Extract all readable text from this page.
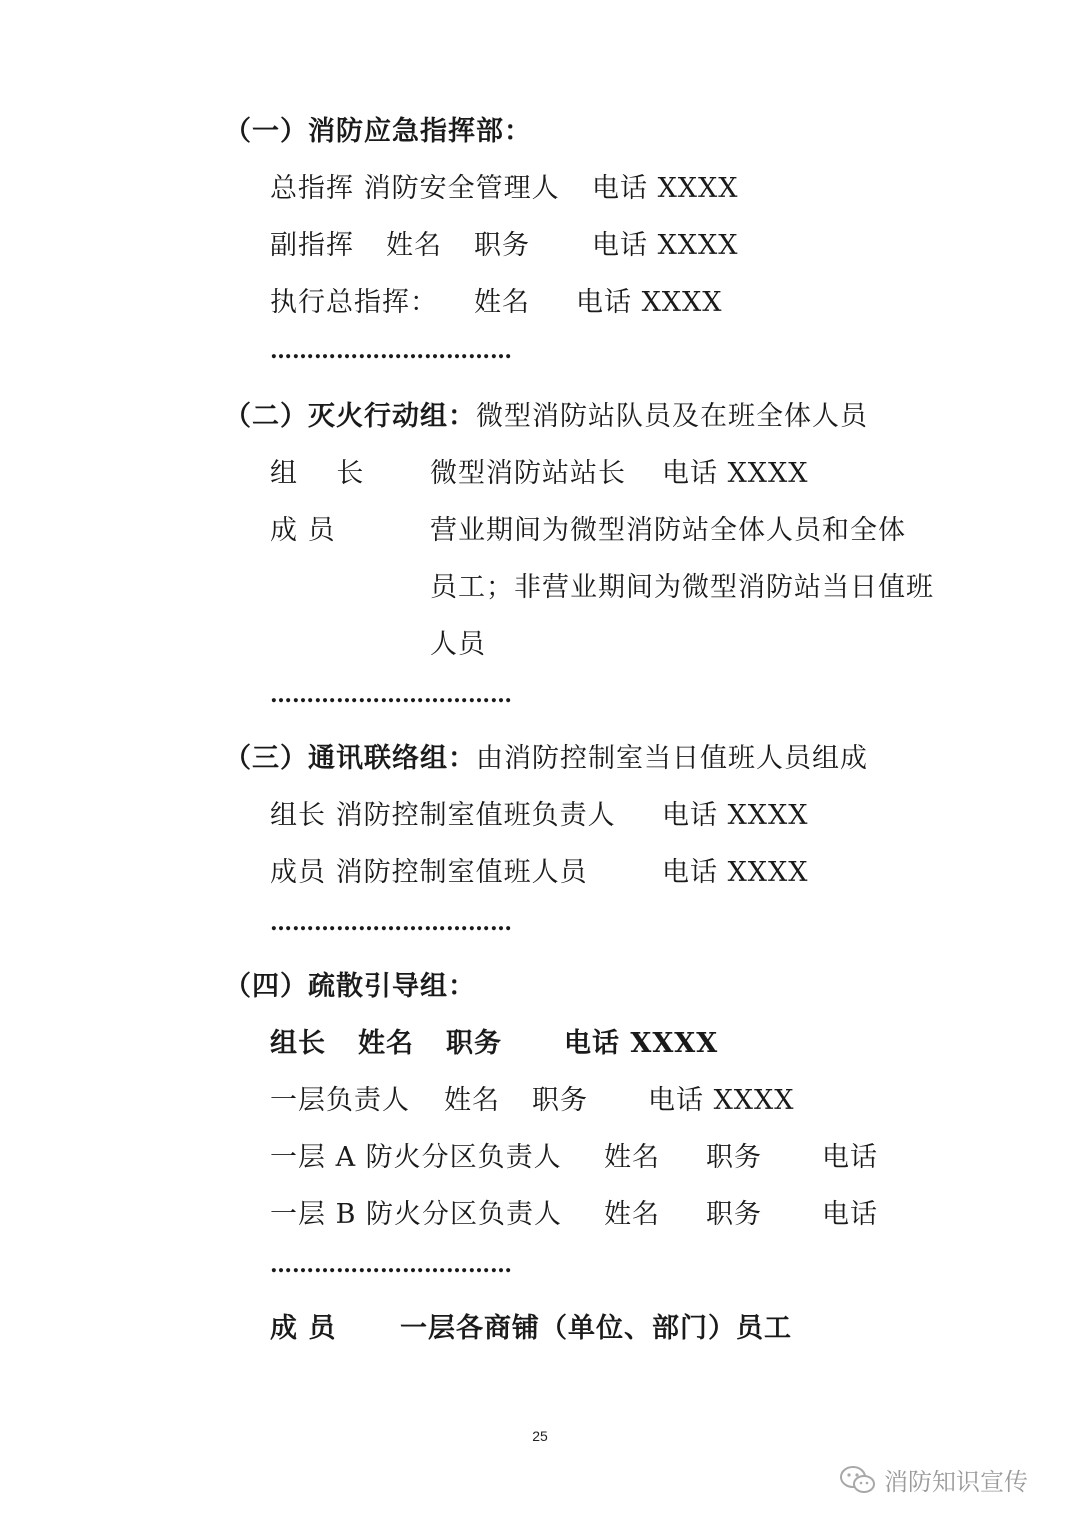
（一）消防应急指挥部：
总指挥 消防安全管理人 电话 XXXX
副指挥 姓名 职务 电话 XXXX
执行总指挥： 姓名 电话 XXXX
……………………………
（二）灭火行动组：微型消防站队员及在班全体人员
组    长 微型消防站站长 电话 XXXX
成 员	营业期间为微型消防站全体人员和全体
员工；非营业期间为微型消防站当日值班
人员
……………………………
（三）通讯联络组：由消防控制室当日值班人员组成
组长 消防控制室值班负责人 电话 XXXX
成员 消防控制室值班人员	电话 XXXX
……………………………
（四）疏散引导组：
组长 姓名 职务 电话 XXXX
一层负责人 姓名 职务 电话 XXXX
一层 A 防火分区负责人 姓名 职务 电话
一层 B 防火分区负责人 姓名 职务 电话
……………………………
成 员 一层各商铺（单位、部门）员工
25
消防知识宣传
